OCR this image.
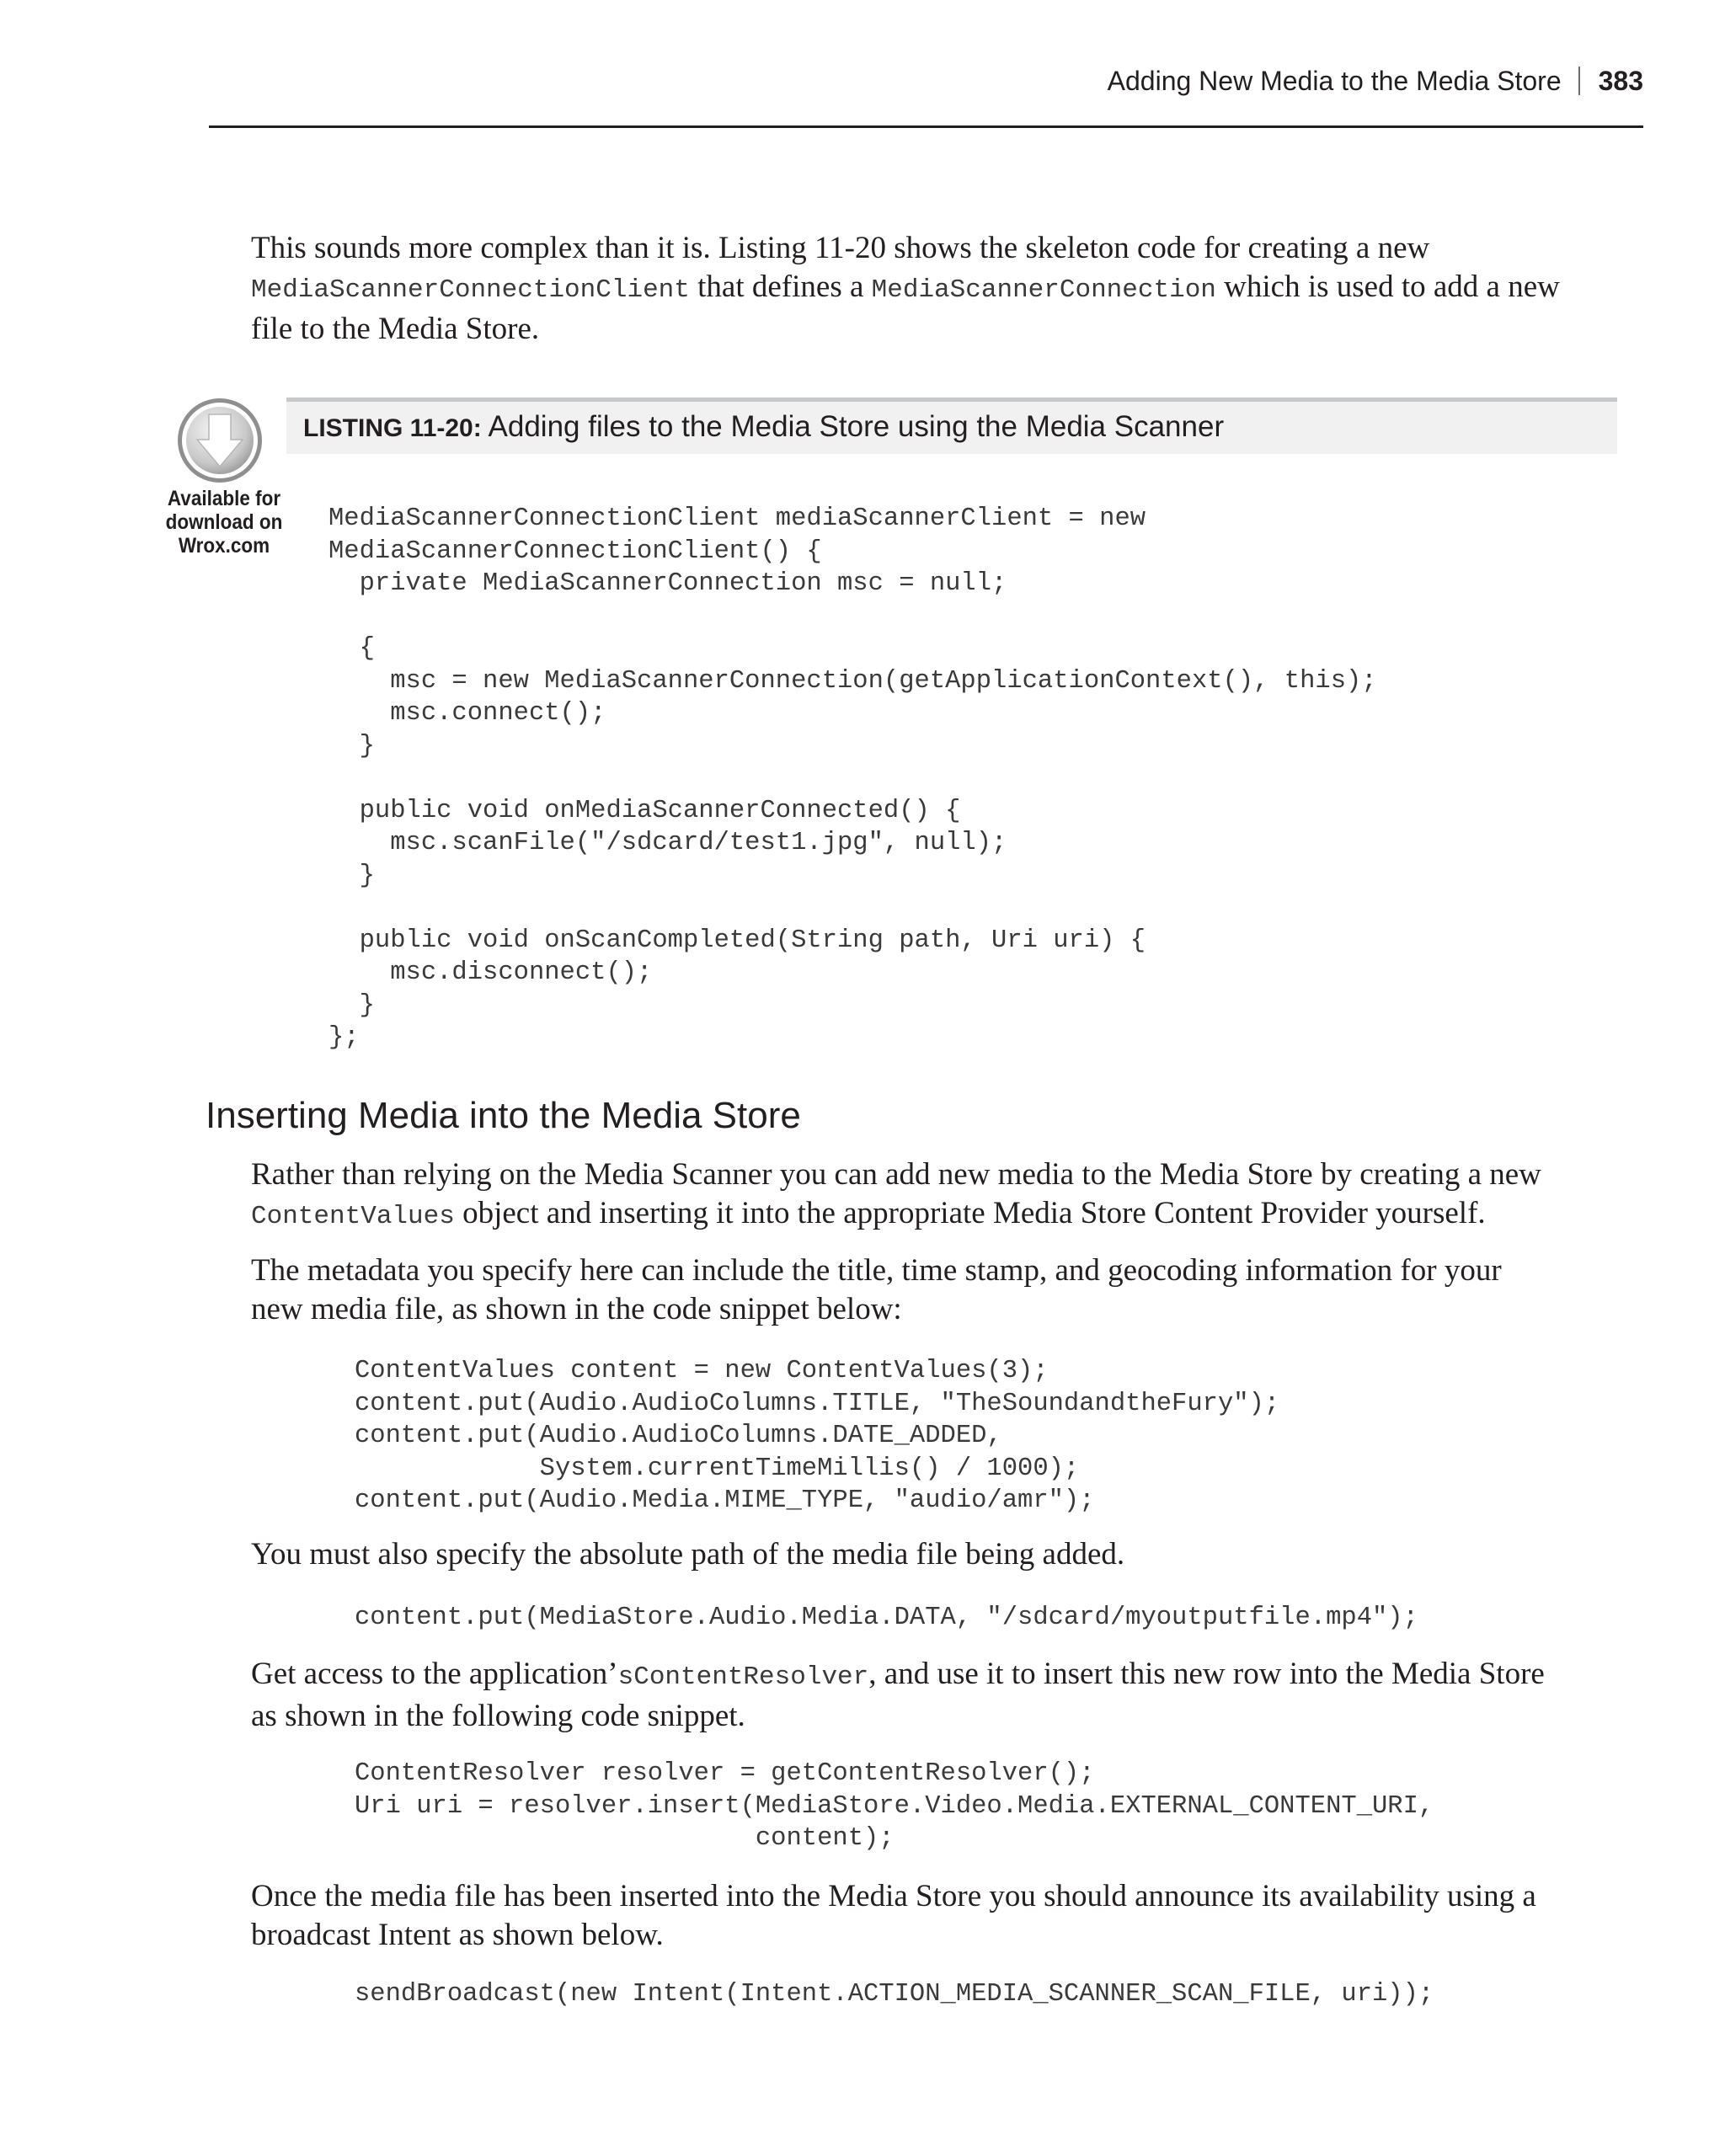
Adding New Media to the Media Store 383
This sounds more complex than it is. Listing 11-20 shows the skeleton code for creating a new
MediaScannerConnectionClient that defines a MediaScannerConnection which is used to add a new
file to the Media Store.
LISTING 11-20: Adding files to the Media Store using the Media Scanner
Available for
download on
Wrox.com
MediaScannerConnectionClient mediaScannerClient = new
MediaScannerConnectionClient() {
private MediaScannerConnection msc = null;
{
msc = new MediaScannerConnection(getApplicationContext(), this);
msc.connect();
}
public void onMediaScannerConnected() {
msc.scanFile("/sdcard/test1.jpg", null);
}
public void onScanCompleted(String path, Uri uri) {
msc.disconnect();
}
};
Inserting Media into the Media Store
Rather than relying on the Media Scanner you can add new media to the Media Store by creating a new
ContentValues object and inserting it into the appropriate Media Store Content Provider yourself.
The metadata you specify here can include the title, time stamp, and geocoding information for your
new media file, as shown in the code snippet below:
ContentValues content = new ContentValues(3);
content.put(Audio.AudioColumns.TITLE, "TheSoundandtheFury");
content.put(Audio.AudioColumns.DATE_ADDED,
System.currentTimeMillis() / 1000);
content.put(Audio.Media.MIME_TYPE, "audio/amr");
You must also specify the absolute path of the media file being added.
content.put(MediaStore.Audio.Media.DATA, "/sdcard/myoutputfile.mp4");
Get access to the application’sContentResolver, and use it to insert this new row into the Media Store
as shown in the following code snippet.
ContentResolver resolver = getContentResolver();
Uri uri = resolver.insert(MediaStore.Video.Media.EXTERNAL_CONTENT_URI,
content);
Once the media file has been inserted into the Media Store you should announce its availability using a
broadcast Intent as shown below.
sendBroadcast(new Intent(Intent.ACTION_MEDIA_SCANNER_SCAN_FILE, uri));
